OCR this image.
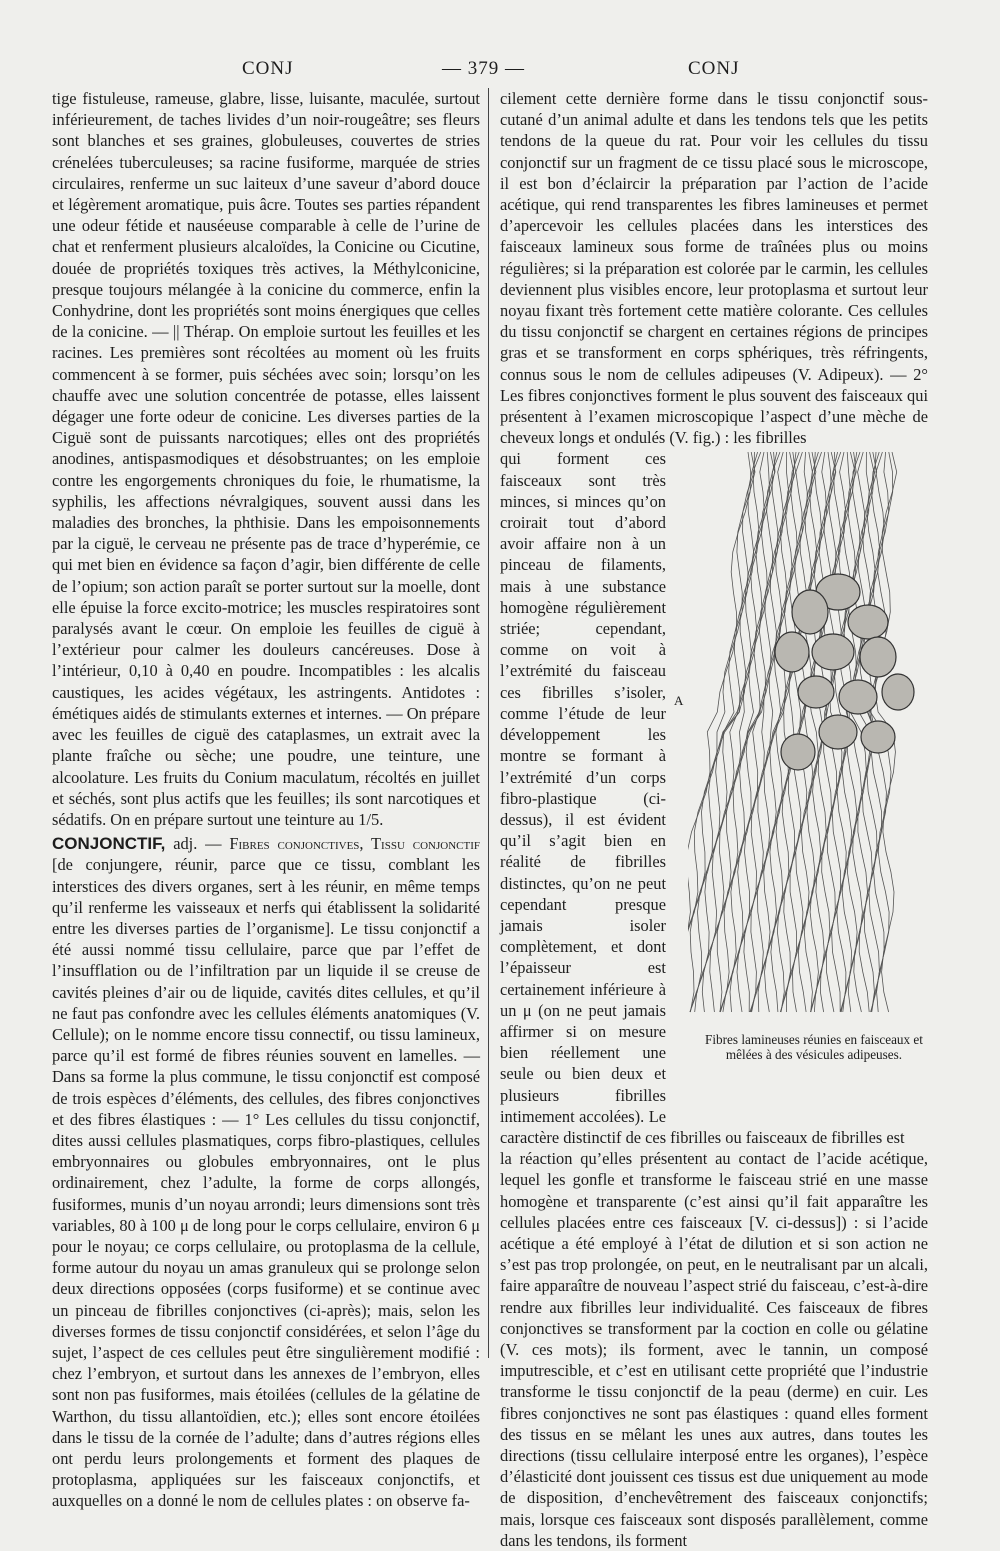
CONJ	— 379 —	CONJ

tige fistuleuse, rameuse, glabre, lisse, luisante, maculée, surtout inférieurement, de taches livides d’un noir-rougeâtre; ses fleurs sont blanches et ses graines, globuleuses, couvertes de stries crénelées tuberculeuses; sa racine fusiforme, marquée de stries circulaires, renferme un suc laiteux d’une saveur d’abord douce et légèrement aromatique, puis âcre. Toutes ses parties répandent une odeur fétide et nauséeuse comparable à celle de l’urine de chat et renferment plusieurs alcaloïdes, la Conicine ou Cicutine, douée de propriétés toxiques très actives, la Méthylconicine, presque toujours mélangée à la conicine du commerce, enfin la Conhydrine, dont les propriétés sont moins énergiques que celles de la conicine. — || Thérap. On emploie surtout les feuilles et les racines. Les premières sont récoltées au moment où les fruits commencent à se former, puis séchées avec soin; lorsqu’on les chauffe avec une solution concentrée de potasse, elles laissent dégager une forte odeur de conicine. Les diverses parties de la Ciguë sont de puissants narcotiques; elles ont des propriétés anodines, antispasmodiques et désobstruantes; on les emploie contre les engorgements chroniques du foie, le rhumatisme, la syphilis, les affections névralgiques, souvent aussi dans les maladies des bronches, la phthisie. Dans les empoisonnements par la ciguë, le cerveau ne présente pas de trace d’hyperémie, ce qui met bien en évidence sa façon d’agir, bien différente de celle de l’opium; son action paraît se porter surtout sur la moelle, dont elle épuise la force excito-motrice; les muscles respiratoires sont paralysés avant le cœur. On emploie les feuilles de ciguë à l’extérieur pour calmer les douleurs cancéreuses. Dose à l’intérieur, 0,10 à 0,40 en poudre. Incompatibles : les alcalis caustiques, les acides végétaux, les astringents. Antidotes : émétiques aidés de stimulants externes et internes. — On prépare avec les feuilles de ciguë des cataplasmes, un extrait avec la plante fraîche ou sèche; une poudre, une teinture, une alcoolature. Les fruits du Conium maculatum, récoltés en juillet et séchés, sont plus actifs que les feuilles; ils sont narcotiques et sédatifs. On en prépare surtout une teinture au 1/5.

CONJONCTIF, adj. — Fibres conjonctives, Tissu conjonctif [de conjungere, réunir, parce que ce tissu, comblant les interstices des divers organes, sert à les réunir, en même temps qu’il renferme les vaisseaux et nerfs qui établissent la solidarité entre les diverses parties de l’organisme]. Le tissu conjonctif a été aussi nommé tissu cellulaire, parce que par l’effet de l’insufflation ou de l’infiltration par un liquide il se creuse de cavités pleines d’air ou de liquide, cavités dites cellules, et qu’il ne faut pas confondre avec les cellules éléments anatomiques (V. Cellule); on le nomme encore tissu connectif, ou tissu lamineux, parce qu’il est formé de fibres réunies souvent en lamelles. — Dans sa forme la plus commune, le tissu conjonctif est composé de trois espèces d’éléments, des cellules, des fibres conjonctives et des fibres élastiques : — 1° Les cellules du tissu conjonctif, dites aussi cellules plasmatiques, corps fibro-plastiques, cellules embryonnaires ou globules embryonnaires, ont le plus ordinairement, chez l’adulte, la forme de corps allongés, fusiformes, munis d’un noyau arrondi; leurs dimensions sont très variables, 80 à 100 μ de long pour le corps cellulaire, environ 6 μ pour le noyau; ce corps cellulaire, ou protoplasma de la cellule, forme autour du noyau un amas granuleux qui se prolonge selon deux directions opposées (corps fusiforme) et se continue avec un pinceau de fibrilles conjonctives (ci-après); mais, selon les diverses formes de tissu conjonctif considérées, et selon l’âge du sujet, l’aspect de ces cellules peut être singulièrement modifié : chez l’embryon, et surtout dans les annexes de l’embryon, elles sont non pas fusiformes, mais étoilées (cellules de la gélatine de Warthon, du tissu allantoïdien, etc.); elles sont encore étoilées dans le tissu de la cornée de l’adulte; dans d’autres régions elles ont perdu leurs prolongements et forment des plaques de protoplasma, appliquées sur les faisceaux conjonctifs, et auxquelles on a donné le nom de cellules plates : on observe fa-

cilement cette dernière forme dans le tissu conjonctif sous-cutané d’un animal adulte et dans les tendons tels que les petits tendons de la queue du rat. Pour voir les cellules du tissu conjonctif sur un fragment de ce tissu placé sous le microscope, il est bon d’éclaircir la préparation par l’action de l’acide acétique, qui rend transparentes les fibres lamineuses et permet d’apercevoir les cellules placées dans les interstices des faisceaux lamineux sous forme de traînées plus ou moins régulières; si la préparation est colorée par le carmin, les cellules deviennent plus visibles encore, leur protoplasma et surtout leur noyau fixant très fortement cette matière colorante. Ces cellules du tissu conjonctif se chargent en certaines régions de principes gras et se transforment en corps sphériques, très réfringents, connus sous le nom de cellules adipeuses (V. Adipeux). — 2° Les fibres conjonctives forment le plus souvent des faisceaux qui présentent à l’examen microscopique l’aspect d’une mèche de cheveux longs et ondulés (V. fig.) : les fibrilles

A
Fibres lamineuses réunies en faisceaux et mêlées à des vésicules adipeuses.

qui forment ces faisceaux sont très minces, si minces qu’on croirait tout d’abord avoir affaire non à un pinceau de filaments, mais à une substance homogène régulièrement striée; cependant, comme on voit à l’extrémité du faisceau ces fibrilles s’isoler, comme l’étude de leur développement les montre se formant à l’extrémité d’un corps fibro-plastique (ci-dessus), il est évident qu’il s’agit bien en réalité de fibrilles distinctes, qu’on ne peut cependant presque jamais isoler complètement, et dont l’épaisseur est certainement inférieure à un μ (on ne peut jamais affirmer si on mesure bien réellement une seule ou bien deux et plusieurs fibrilles intimement accolées). Le caractère distinctif de ces fibrilles ou faisceaux de fibrilles est

la réaction qu’elles présentent au contact de l’acide acétique, lequel les gonfle et transforme le faisceau strié en une masse homogène et transparente (c’est ainsi qu’il fait apparaître les cellules placées entre ces faisceaux [V. ci-dessus]) : si l’acide acétique a été employé à l’état de dilution et si son action ne s’est pas trop prolongée, on peut, en le neutralisant par un alcali, faire apparaître de nouveau l’aspect strié du faisceau, c’est-à-dire rendre aux fibrilles leur individualité. Ces faisceaux de fibres conjonctives se transforment par la coction en colle ou gélatine (V. ces mots); ils forment, avec le tannin, un composé imputrescible, et c’est en utilisant cette propriété que l’industrie transforme le tissu conjonctif de la peau (derme) en cuir. Les fibres conjonctives ne sont pas élastiques : quand elles forment des tissus en se mêlant les unes aux autres, dans toutes les directions (tissu cellulaire interposé entre les organes), l’espèce d’élasticité dont jouissent ces tissus est due uniquement au mode de disposition, d’enchevêtrement des faisceaux conjonctifs; mais, lorsque ces faisceaux sont disposés parallèlement, comme dans les tendons, ils forment
